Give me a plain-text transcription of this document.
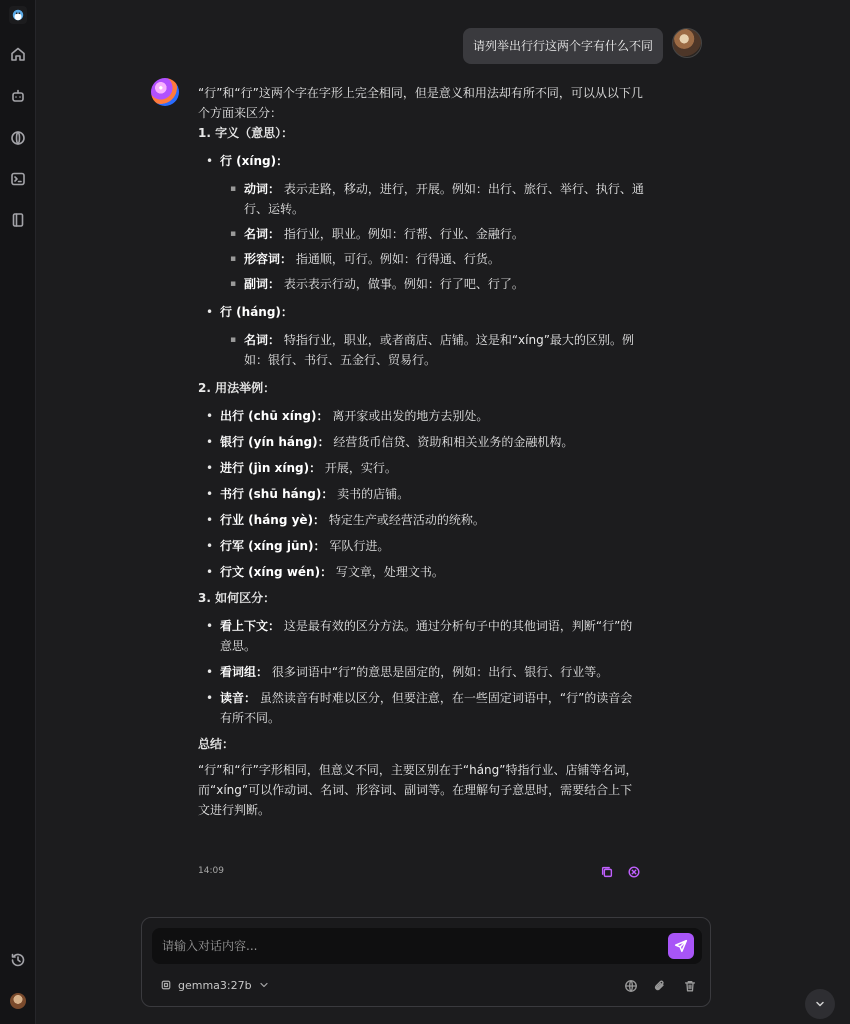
请列举出行行这两个字有什么不同

“行”和“行”这两个字在字形上完全相同，但是意义和用法却有所不同，可以从以下几个方面来区分：

1. 字义（意思）：

• 行 (xíng)：
▪ 动词： 表示走路，移动，进行，开展。例如：出行、旅行、举行、执行、通行、运转。
▪ 名词： 指行业，职业。例如：行帮、行业、金融行。
▪ 形容词： 指通顺，可行。例如：行得通、行货。
▪ 副词： 表示表示行动，做事。例如：行了吧、行了。
• 行 (háng)：
▪ 名词： 特指行业，职业，或者商店、店铺。这是和“xíng”最大的区别。例如：银行、书行、五金行、贸易行。

2. 用法举例：

• 出行 (chū xíng)： 离开家或出发的地方去别处。
• 银行 (yín háng)： 经营货币信贷、资助和相关业务的金融机构。
• 进行 (jìn xíng)： 开展，实行。
• 书行 (shū háng)： 卖书的店铺。
• 行业 (háng yè)： 特定生产或经营活动的统称。
• 行军 (xíng jūn)： 军队行进。
• 行文 (xíng wén)： 写文章，处理文书。

3. 如何区分：

• 看上下文： 这是最有效的区分方法。通过分析句子中的其他词语，判断“行”的意思。
• 看词组： 很多词语中“行”的意思是固定的，例如：出行、银行、行业等。
• 读音： 虽然读音有时难以区分，但要注意，在一些固定词语中，“行”的读音会有所不同。

总结：

“行”和“行”字形相同，但意义不同，主要区别在于“háng”特指行业、店铺等名词，而“xíng”可以作动词、名词、形容词、副词等。在理解句子意思时，需要结合上下文进行判断。

14:09
请输入对话内容...
gemma3:27b
